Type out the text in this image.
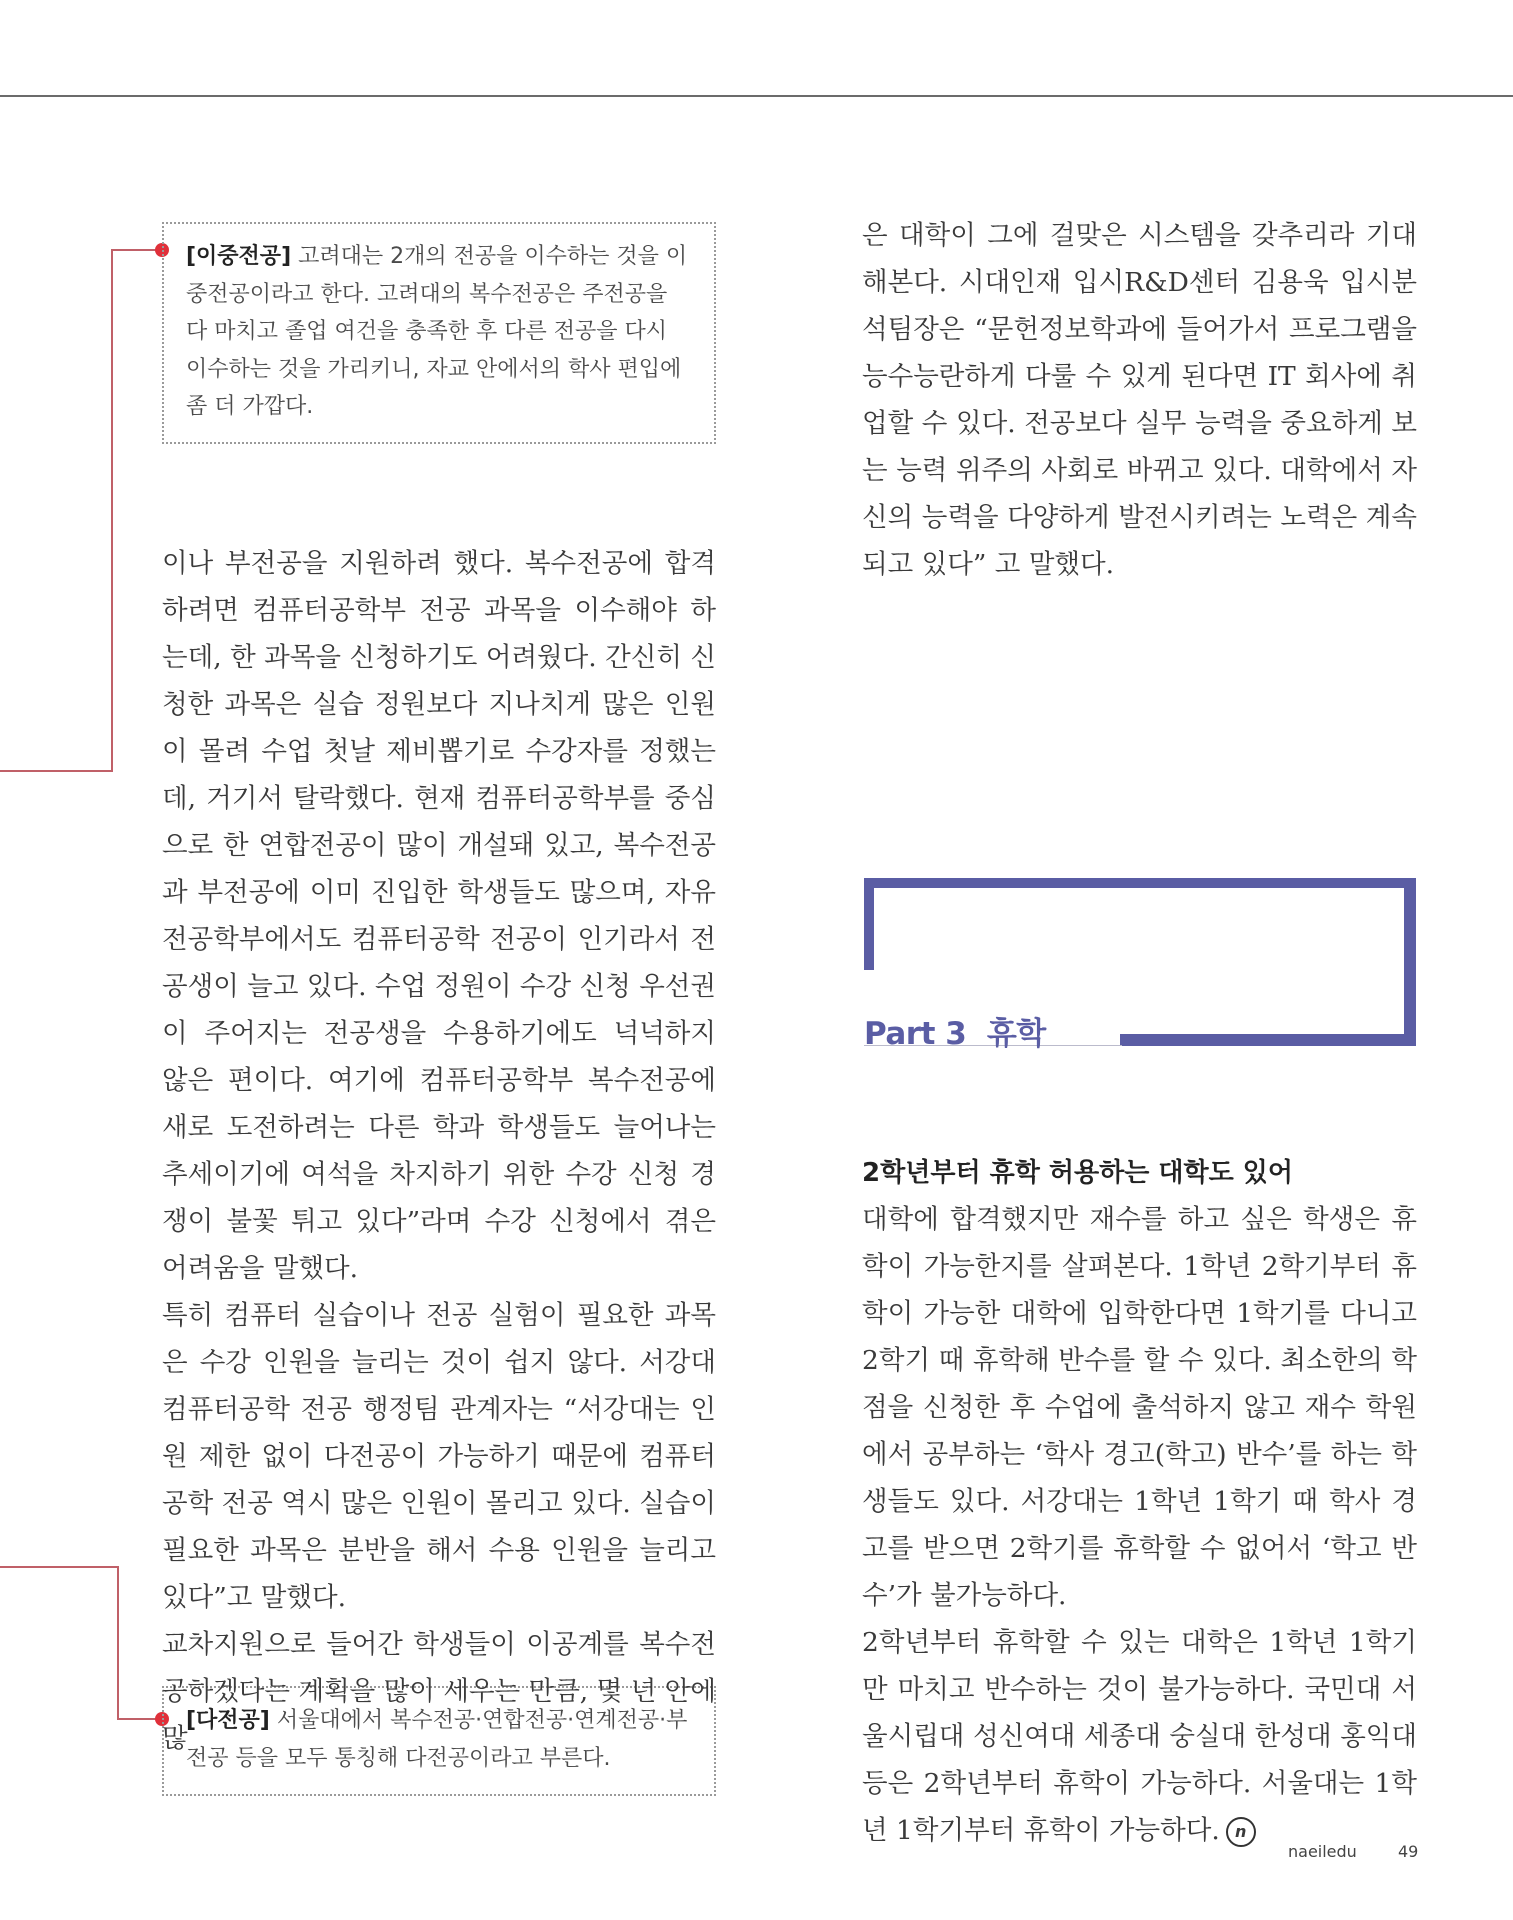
[이중전공] 고려대는 2개의 전공을 이수하는 것을 이중전공이라고 한다. 고려대의 복수전공은 주전공을 다 마치고 졸업 여건을 충족한 후 다른 전공을 다시 이수하는 것을 가리키니, 자교 안에서의 학사 편입에 좀 더 가깝다.
[다전공] 서울대에서 복수전공·연합전공·연계전공·부전공 등을 모두 통칭해 다전공이라고 부른다.

이나 부전공을 지원하려 했다. 복수전공에 합격하려면 컴퓨터공학부 전공 과목을 이수해야 하는데, 한 과목을 신청하기도 어려웠다. 간신히 신청한 과목은 실습 정원보다 지나치게 많은 인원이 몰려 수업 첫날 제비뽑기로 수강자를 정했는데, 거기서 탈락했다. 현재 컴퓨터공학부를 중심으로 한 연합전공이 많이 개설돼 있고, 복수전공과 부전공에 이미 진입한 학생들도 많으며, 자유전공학부에서도 컴퓨터공학 전공이 인기라서 전공생이 늘고 있다. 수업 정원이 수강 신청 우선권이 주어지는 전공생을 수용하기에도 넉넉하지 않은 편이다. 여기에 컴퓨터공학부 복수전공에 새로 도전하려는 다른 학과 학생들도 늘어나는 추세이기에 여석을 차지하기 위한 수강 신청 경쟁이 불꽃 튀고 있다”라며 수강 신청에서 겪은 어려움을 말했다.

특히 컴퓨터 실습이나 전공 실험이 필요한 과목은 수강 인원을 늘리는 것이 쉽지 않다. 서강대 컴퓨터공학 전공 행정팀 관계자는 “서강대는 인원 제한 없이 다전공이 가능하기 때문에 컴퓨터공학 전공 역시 많은 인원이 몰리고 있다. 실습이 필요한 과목은 분반을 해서 수용 인원을 늘리고 있다”고 말했다.

교차지원으로 들어간 학생들이 이공계를 복수전공하겠다는 계획을 많이 세우는 만큼, 몇 년 안에 많

은 대학이 그에 걸맞은 시스템을 갖추리라 기대해본다. 시대인재 입시R&D센터 김용욱 입시분석팀장은 “문헌정보학과에 들어가서 프로그램을 능수능란하게 다룰 수 있게 된다면 IT 회사에 취업할 수 있다. 전공보다 실무 능력을 중요하게 보는 능력 위주의 사회로 바뀌고 있다. 대학에서 자신의 능력을 다양하게 발전시키려는 노력은 계속되고 있다” 고 말했다.

Part 3  휴학
2학년부터 휴학 허용하는 대학도 있어

대학에 합격했지만 재수를 하고 싶은 학생은 휴학이 가능한지를 살펴본다. 1학년 2학기부터 휴학이 가능한 대학에 입학한다면 1학기를 다니고 2학기 때 휴학해 반수를 할 수 있다. 최소한의 학점을 신청한 후 수업에 출석하지 않고 재수 학원에서 공부하는 ‘학사 경고(학고) 반수’를 하는 학생들도 있다. 서강대는 1학년 1학기 때 학사 경고를 받으면 2학기를 휴학할 수 없어서 ‘학고 반수’가 불가능하다.

2학년부터 휴학할 수 있는 대학은 1학년 1학기만 마치고 반수하는 것이 불가능하다. 국민대 서울시립대 성신여대 세종대 숭실대 한성대 홍익대 등은 2학년부터 휴학이 가능하다. 서울대는 1학년 1학기부터 휴학이 가능하다. n

naeiledu	49
